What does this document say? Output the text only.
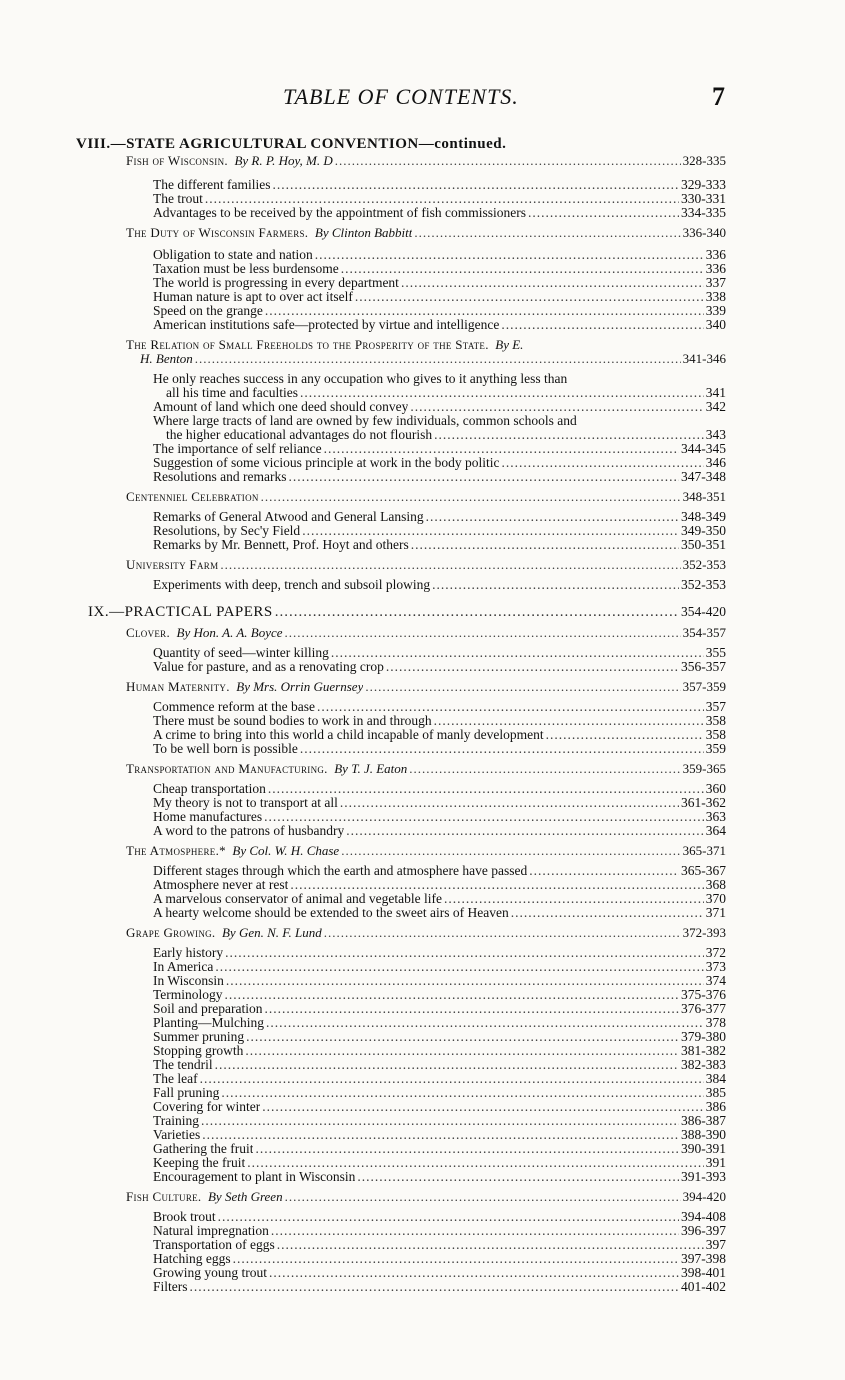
TABLE OF CONTENTS.	7
VIII.—STATE AGRICULTURAL CONVENTION—continued.
Fish of Wisconsin. By R. P. Hoy, M. D .....	328-335
The different families .....	329-333
The trout .....	330-331
Advantages to be received by the appointment of fish commissioners .....	334-335
The Duty of Wisconsin Farmers. By Clinton Babbitt .....	336-340
Obligation to state and nation .....	336
Taxation must be less burdensome .....	336
The world is progressing in every department .....	337
Human nature is apt to over act itself .....	338
Speed on the grange .....	339
American institutions safe—protected by virtue and intelligence .....	340
The Relation of Small Freeholds to the Prosperity of the State. By E.
H. Benton .....	341-346
He only reaches success in any occupation who gives to it anything less than
all his time and faculties .....	341
Amount of land which one deed should convey .....	342
Where large tracts of land are owned by few individuals, common schools and
the higher educational advantages do not flourish .....	343
The importance of self reliance .....	344-345
Suggestion of some vicious principle at work in the body politic .....	346
Resolutions and remarks .....	347-348
Centenniel Celebration .....	348-351
Remarks of General Atwood and General Lansing .....	348-349
Resolutions, by Sec'y Field .....	349-350
Remarks by Mr. Bennett, Prof. Hoyt and others .....	350-351
University Farm .....	352-353
Experiments with deep, trench and subsoil plowing .....	352-353
IX.—PRACTICAL PAPERS .....	354-420
Clover. By Hon. A. A. Boyce .....	354-357
Quantity of seed—winter killing .....	355
Value for pasture, and as a renovating crop .....	356-357
Human Maternity. By Mrs. Orrin Guernsey .....	357-359
Commence reform at the base .....	357
There must be sound bodies to work in and through .....	358
A crime to bring into this world a child incapable of manly development .....	358
To be well born is possible .....	359
Transportation and Manufacturing. By T. J. Eaton .....	359-365
Cheap transportation .....	360
My theory is not to transport at all .....	361-362
Home manufactures .....	363
A word to the patrons of husbandry .....	364
The Atmosphere.* By Col. W. H. Chase .....	365-371
Different stages through which the earth and atmosphere have passed .....	365-367
Atmosphere never at rest .....	368
A marvelous conservator of animal and vegetable life .....	370
A hearty welcome should be extended to the sweet airs of Heaven .....	371
Grape Growing. By Gen. N. F. Lund .....	372-393
Early history .....	372
In America .....	373
In Wisconsin .....	374
Terminology .....	375-376
Soil and preparation .....	376-377
Planting—Mulching .....	378
Summer pruning .....	379-380
Stopping growth .....	381-382
The tendril .....	382-383
The leaf .....	384
Fall pruning .....	385
Covering for winter .....	386
Training .....	386-387
Varieties .....	388-390
Gathering the fruit .....	390-391
Keeping the fruit .....	391
Encouragement to plant in Wisconsin .....	391-393
Fish Culture. By Seth Green .....	394-420
Brook trout .....	394-408
Natural impregnation .....	396-397
Transportation of eggs .....	397
Hatching eggs .....	397-398
Growing young trout .....	398-401
Filters .....	401-402
